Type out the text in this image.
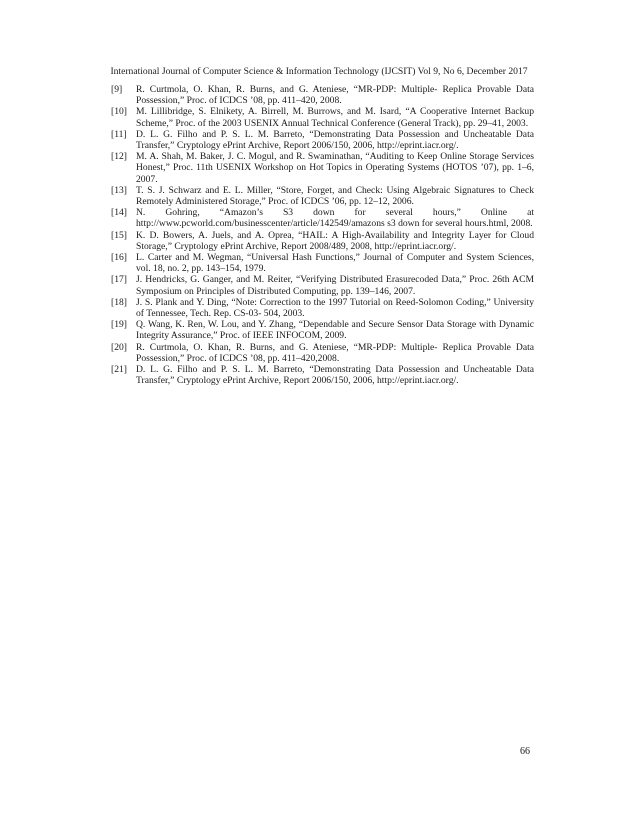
International Journal of Computer Science & Information Technology (IJCSIT) Vol 9, No 6, December 2017
[9]	R. Curtmola, O. Khan, R. Burns, and G. Ateniese, “MR-PDP: Multiple- Replica Provable Data Possession,” Proc. of ICDCS ’08, pp. 411–420, 2008.
[10] M. Lillibridge, S. Elnikety, A. Birrell, M. Burrows, and M. Isard, “A Cooperative Internet Backup Scheme,” Proc. of the 2003 USENIX Annual Technical Conference (General Track), pp. 29–41, 2003.
[11] D. L. G. Filho and P. S. L. M. Barreto, “Demonstrating Data Possession and Uncheatable Data Transfer,” Cryptology ePrint Archive, Report 2006/150, 2006, http://eprint.iacr.org/.
[12] M. A. Shah, M. Baker, J. C. Mogul, and R. Swaminathan, “Auditing to Keep Online Storage Services Honest,” Proc. 11th USENIX Workshop on Hot Topics in Operating Systems (HOTOS ’07), pp. 1–6, 2007.
[13] T. S. J. Schwarz and E. L. Miller, “Store, Forget, and Check: Using Algebraic Signatures to Check Remotely Administered Storage,” Proc. of ICDCS ’06, pp. 12–12, 2006.
[14] N. Gohring, “Amazon’s S3 down for several hours,” Online at http://www.pcworld.com/businesscenter/article/142549/amazons s3 down for several hours.html, 2008.
[15] K. D. Bowers, A. Juels, and A. Oprea, “HAIL: A High-Availability and Integrity Layer for Cloud Storage,” Cryptology ePrint Archive, Report 2008/489, 2008, http://eprint.iacr.org/.
[16] L. Carter and M. Wegman, “Universal Hash Functions,” Journal of Computer and System Sciences, vol. 18, no. 2, pp. 143–154, 1979.
[17] J. Hendricks, G. Ganger, and M. Reiter, “Verifying Distributed Erasurecoded Data,” Proc. 26th ACM Symposium on Principles of Distributed Computing, pp. 139–146, 2007.
[18] J. S. Plank and Y. Ding, “Note: Correction to the 1997 Tutorial on Reed-Solomon Coding,” University of Tennessee, Tech. Rep. CS-03- 504, 2003.
[19] Q. Wang, K. Ren, W. Lou, and Y. Zhang, “Dependable and Secure Sensor Data Storage with Dynamic Integrity Assurance,” Proc. of IEEE INFOCOM, 2009.
[20] R. Curtmola, O. Khan, R. Burns, and G. Ateniese, “MR-PDP: Multiple- Replica Provable Data Possession,” Proc. of ICDCS ’08, pp. 411–420,2008.
[21] D. L. G. Filho and P. S. L. M. Barreto, “Demonstrating Data Possession and Uncheatable Data Transfer,” Cryptology ePrint Archive, Report 2006/150, 2006, http://eprint.iacr.org/.
66
